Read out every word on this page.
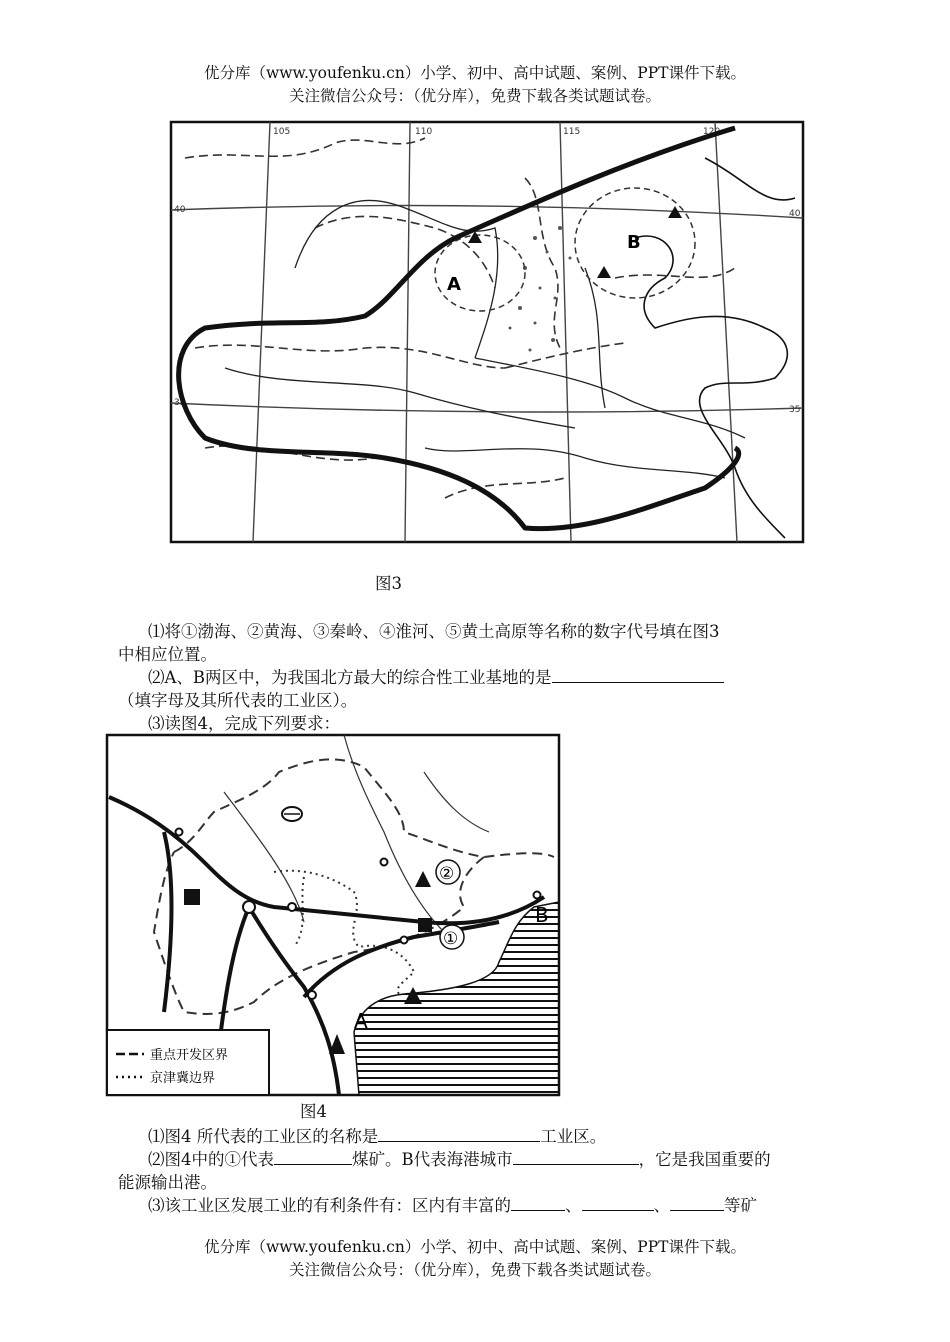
优分库（www.youfenku.cn）小学、初中、高中试题、案例、PPT课件下载。
关注微信公众号：（优分库），免费下载各类试题试卷。
105	110	115	120
40
35
40
35
A
B
图3
⑴将①渤海、②黄海、③秦岭、④淮河、⑤黄土高原等名称的数字代号填在图3
中相应位置。
⑵A、B两区中，为我国北方最大的综合性工业基地的是
（填字母及其所代表的工业区）。
⑶读图4，完成下列要求：
②
①
B
A
重点开发区界
京津冀边界
图4
⑴图4 所代表的工业区的名称是	工业区。
⑵图4中的①代表	煤矿。B代表海港城市	，它是我国重要的
能源输出港。
⑶该工业区发展工业的有利条件有：区内有丰富的	、	、	等矿
优分库（www.youfenku.cn）小学、初中、高中试题、案例、PPT课件下载。
关注微信公众号：（优分库），免费下载各类试题试卷。
